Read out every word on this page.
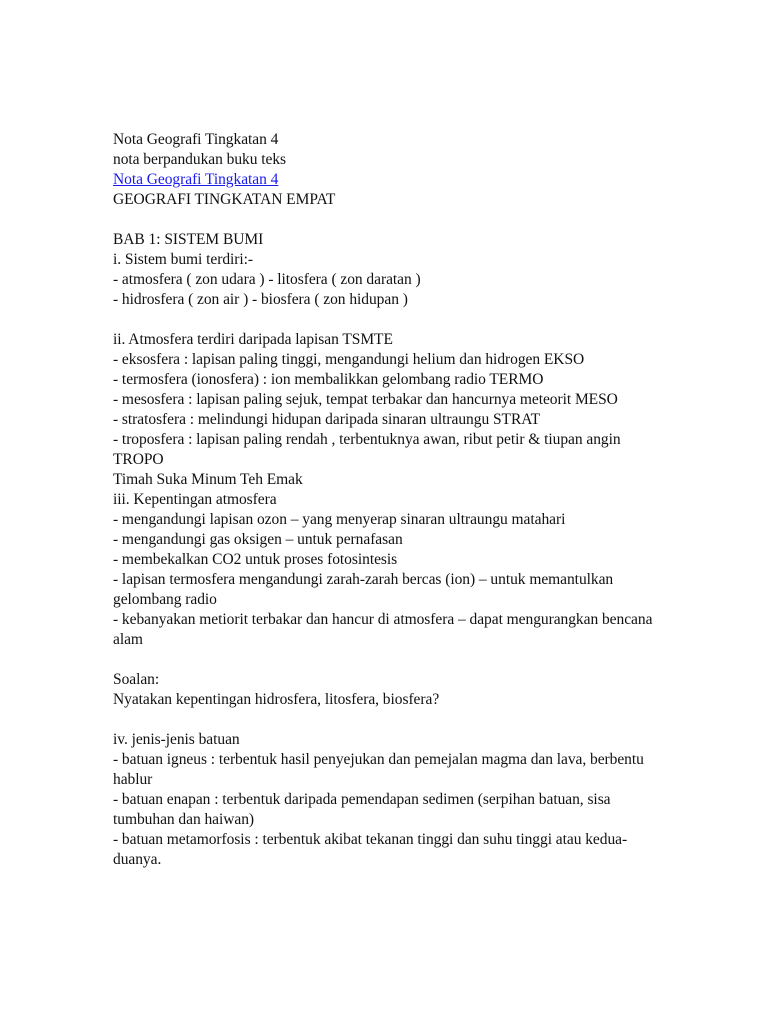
Nota Geografi Tingkatan 4
nota berpandukan buku teks
Nota Geografi Tingkatan 4
GEOGRAFI TINGKATAN EMPAT
BAB 1: SISTEM BUMI
i. Sistem bumi terdiri:-
- atmosfera ( zon udara ) - litosfera ( zon daratan )
- hidrosfera ( zon air ) - biosfera ( zon hidupan )
ii. Atmosfera terdiri daripada lapisan TSMTE
- eksosfera : lapisan paling tinggi, mengandungi helium dan hidrogen EKSO
- termosfera (ionosfera) : ion membalikkan gelombang radio TERMO
- mesosfera : lapisan paling sejuk, tempat terbakar dan hancurnya meteorit MESO
- stratosfera : melindungi hidupan daripada sinaran ultraungu STRAT
- troposfera : lapisan paling rendah , terbentuknya awan, ribut petir & tiupan angin TROPO
Timah Suka Minum Teh Emak
iii. Kepentingan atmosfera
- mengandungi lapisan ozon – yang menyerap sinaran ultraungu matahari
- mengandungi gas oksigen – untuk pernafasan
- membekalkan CO2 untuk proses fotosintesis
- lapisan termosfera mengandungi zarah-zarah bercas (ion) – untuk memantulkan gelombang radio
- kebanyakan metiorit terbakar dan hancur di atmosfera – dapat mengurangkan bencana alam
Soalan:
Nyatakan kepentingan hidrosfera, litosfera, biosfera?
iv. jenis-jenis batuan
- batuan igneus : terbentuk hasil penyejukan dan pemejalan magma dan lava, berbentu hablur
- batuan enapan : terbentuk daripada pemendapan sedimen (serpihan batuan, sisa tumbuhan dan haiwan)
- batuan metamorfosis : terbentuk akibat tekanan tinggi dan suhu tinggi atau kedua-duanya.
